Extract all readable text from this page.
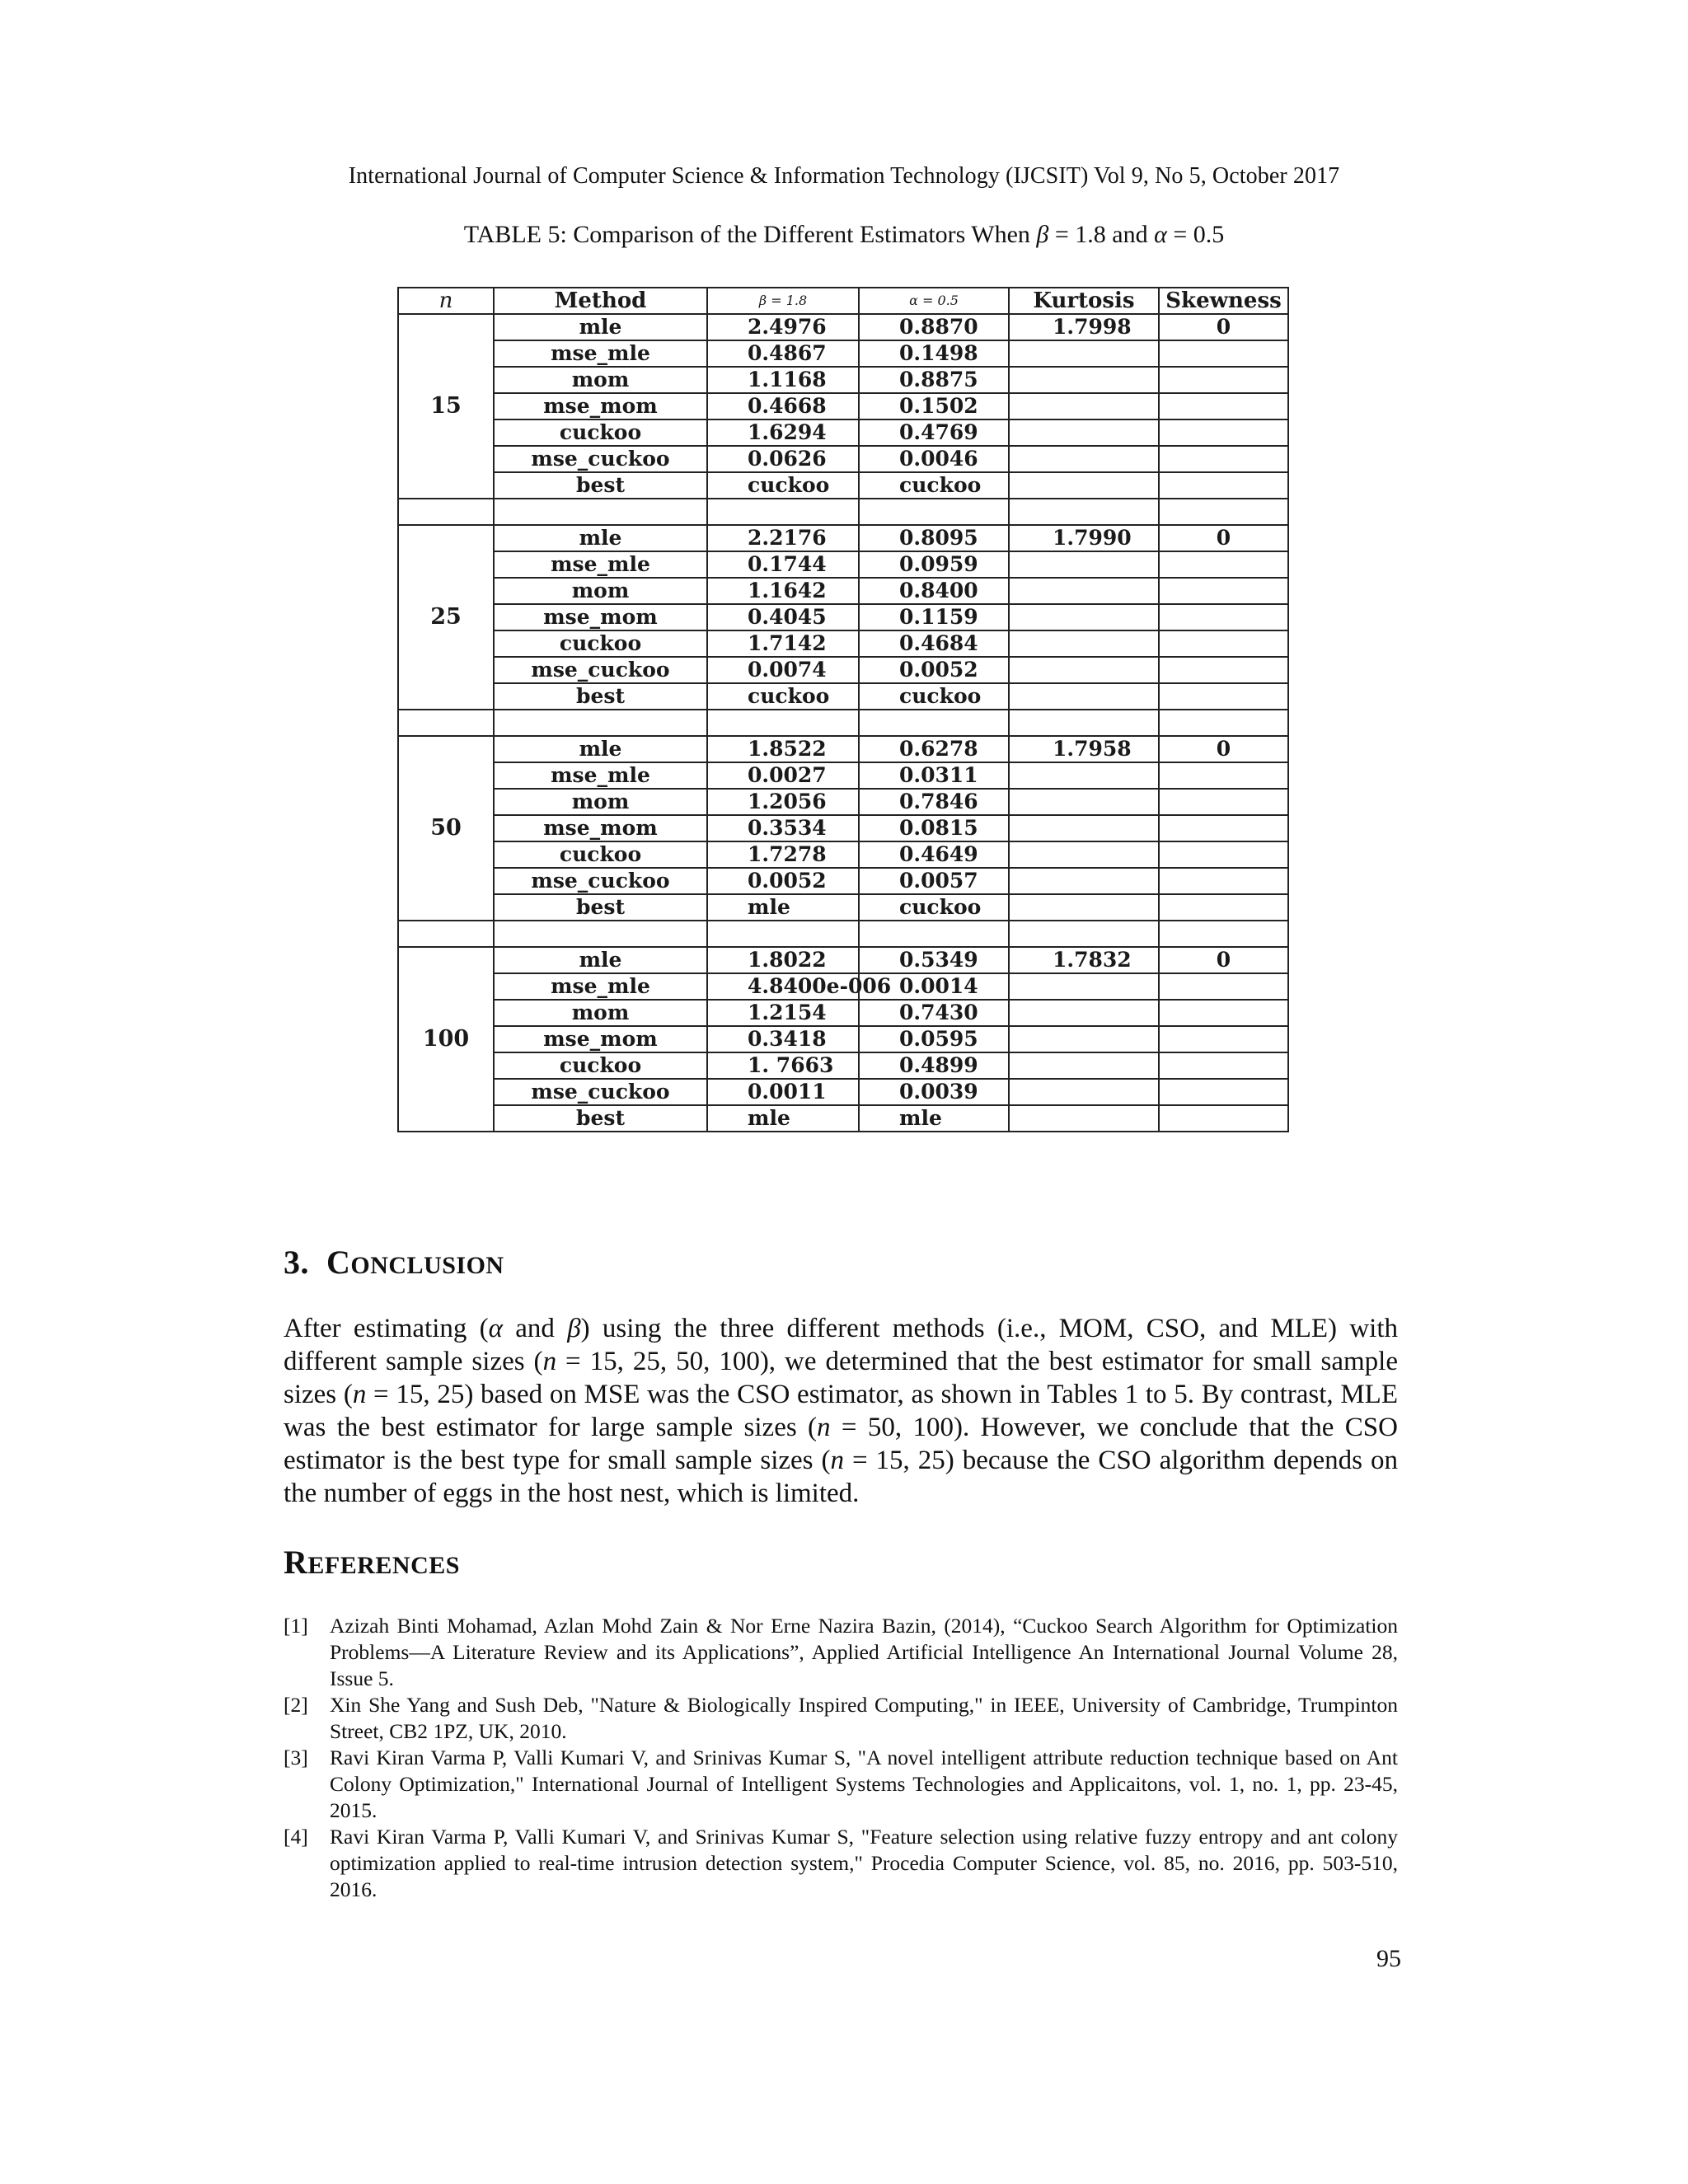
International Journal of Computer Science & Information Technology (IJCSIT) Vol 9, No 5, October 2017
TABLE 5: Comparison of the Different Estimators When β = 1.8 and α = 0.5
n	Method	β = 1.8	α = 0.5	Kurtosis	Skewness
15	mle	2.4976	0.8870	1.7998	0
	mse_mle	0.4867	0.1498		
	mom	1.1168	0.8875		
	mse_mom	0.4668	0.1502		
	cuckoo	1.6294	0.4769		
	mse_cuckoo	0.0626	0.0046		
	best	cuckoo	cuckoo		

25	mle	2.2176	0.8095	1.7990	0
	mse_mle	0.1744	0.0959		
	mom	1.1642	0.8400		
	mse_mom	0.4045	0.1159		
	cuckoo	1.7142	0.4684		
	mse_cuckoo	0.0074	0.0052		
	best	cuckoo	cuckoo		

50	mle	1.8522	0.6278	1.7958	0
	mse_mle	0.0027	0.0311		
	mom	1.2056	0.7846		
	mse_mom	0.3534	0.0815		
	cuckoo	1.7278	0.4649		
	mse_cuckoo	0.0052	0.0057		
	best	mle	cuckoo		

100	mle	1.8022	0.5349	1.7832	0
	mse_mle	4.8400e-006	0.0014		
	mom	1.2154	0.7430		
	mse_mom	0.3418	0.0595		
	cuckoo	1. 7663	0.4899		
	mse_cuckoo	0.0011	0.0039		
	best	mle	mle		
3. CONCLUSION
After estimating (α and β) using the three different methods (i.e., MOM, CSO, and MLE) with different sample sizes (n = 15, 25, 50, 100), we determined that the best estimator for small sample sizes (n = 15, 25) based on MSE was the CSO estimator, as shown in Tables 1 to 5. By contrast, MLE was the best estimator for large sample sizes (n = 50, 100). However, we conclude that the CSO estimator is the best type for small sample sizes (n = 15, 25) because the CSO algorithm depends on the number of eggs in the host nest, which is limited.
REFERENCES
[1]	Azizah Binti Mohamad, Azlan Mohd Zain & Nor Erne Nazira Bazin, (2014), “Cuckoo Search Algorithm for Optimization Problems—A Literature Review and its Applications”, Applied Artificial Intelligence An International Journal Volume 28, Issue 5.
[2]	Xin She Yang and Sush Deb, "Nature & Biologically Inspired Computing," in IEEE, University of Cambridge, Trumpinton Street, CB2 1PZ, UK, 2010.
[3]	Ravi Kiran Varma P, Valli Kumari V, and Srinivas Kumar S, "A novel intelligent attribute reduction technique based on Ant Colony Optimization," International Journal of Intelligent Systems Technologies and Applicaitons, vol. 1, no. 1, pp. 23-45, 2015.
[4]	Ravi Kiran Varma P, Valli Kumari V, and Srinivas Kumar S, "Feature selection using relative fuzzy entropy and ant colony optimization applied to real-time intrusion detection system," Procedia Computer Science, vol. 85, no. 2016, pp. 503-510, 2016.
95
